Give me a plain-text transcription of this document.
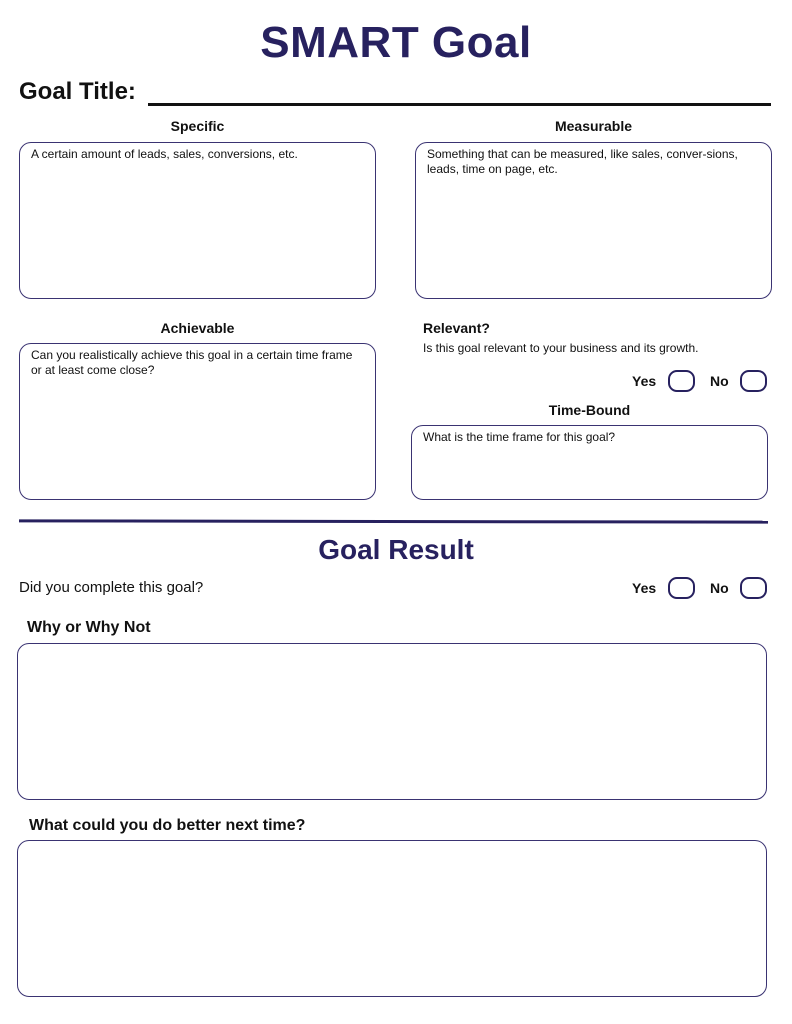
SMART Goal
Goal Title:
Specific
A certain amount of leads, sales, conversions, etc.
Measurable
Something that can be measured, like sales, conver-sions, leads, time on page, etc.
Achievable
Can you realistically achieve this goal in a certain time frame or at least come close?
Relevant?
Is this goal relevant to your business and its growth.
Yes	No
Time-Bound
What is the time frame for this goal?
Goal Result
Did you complete this goal?	Yes	No
Why or Why Not
What could you do better next time?
